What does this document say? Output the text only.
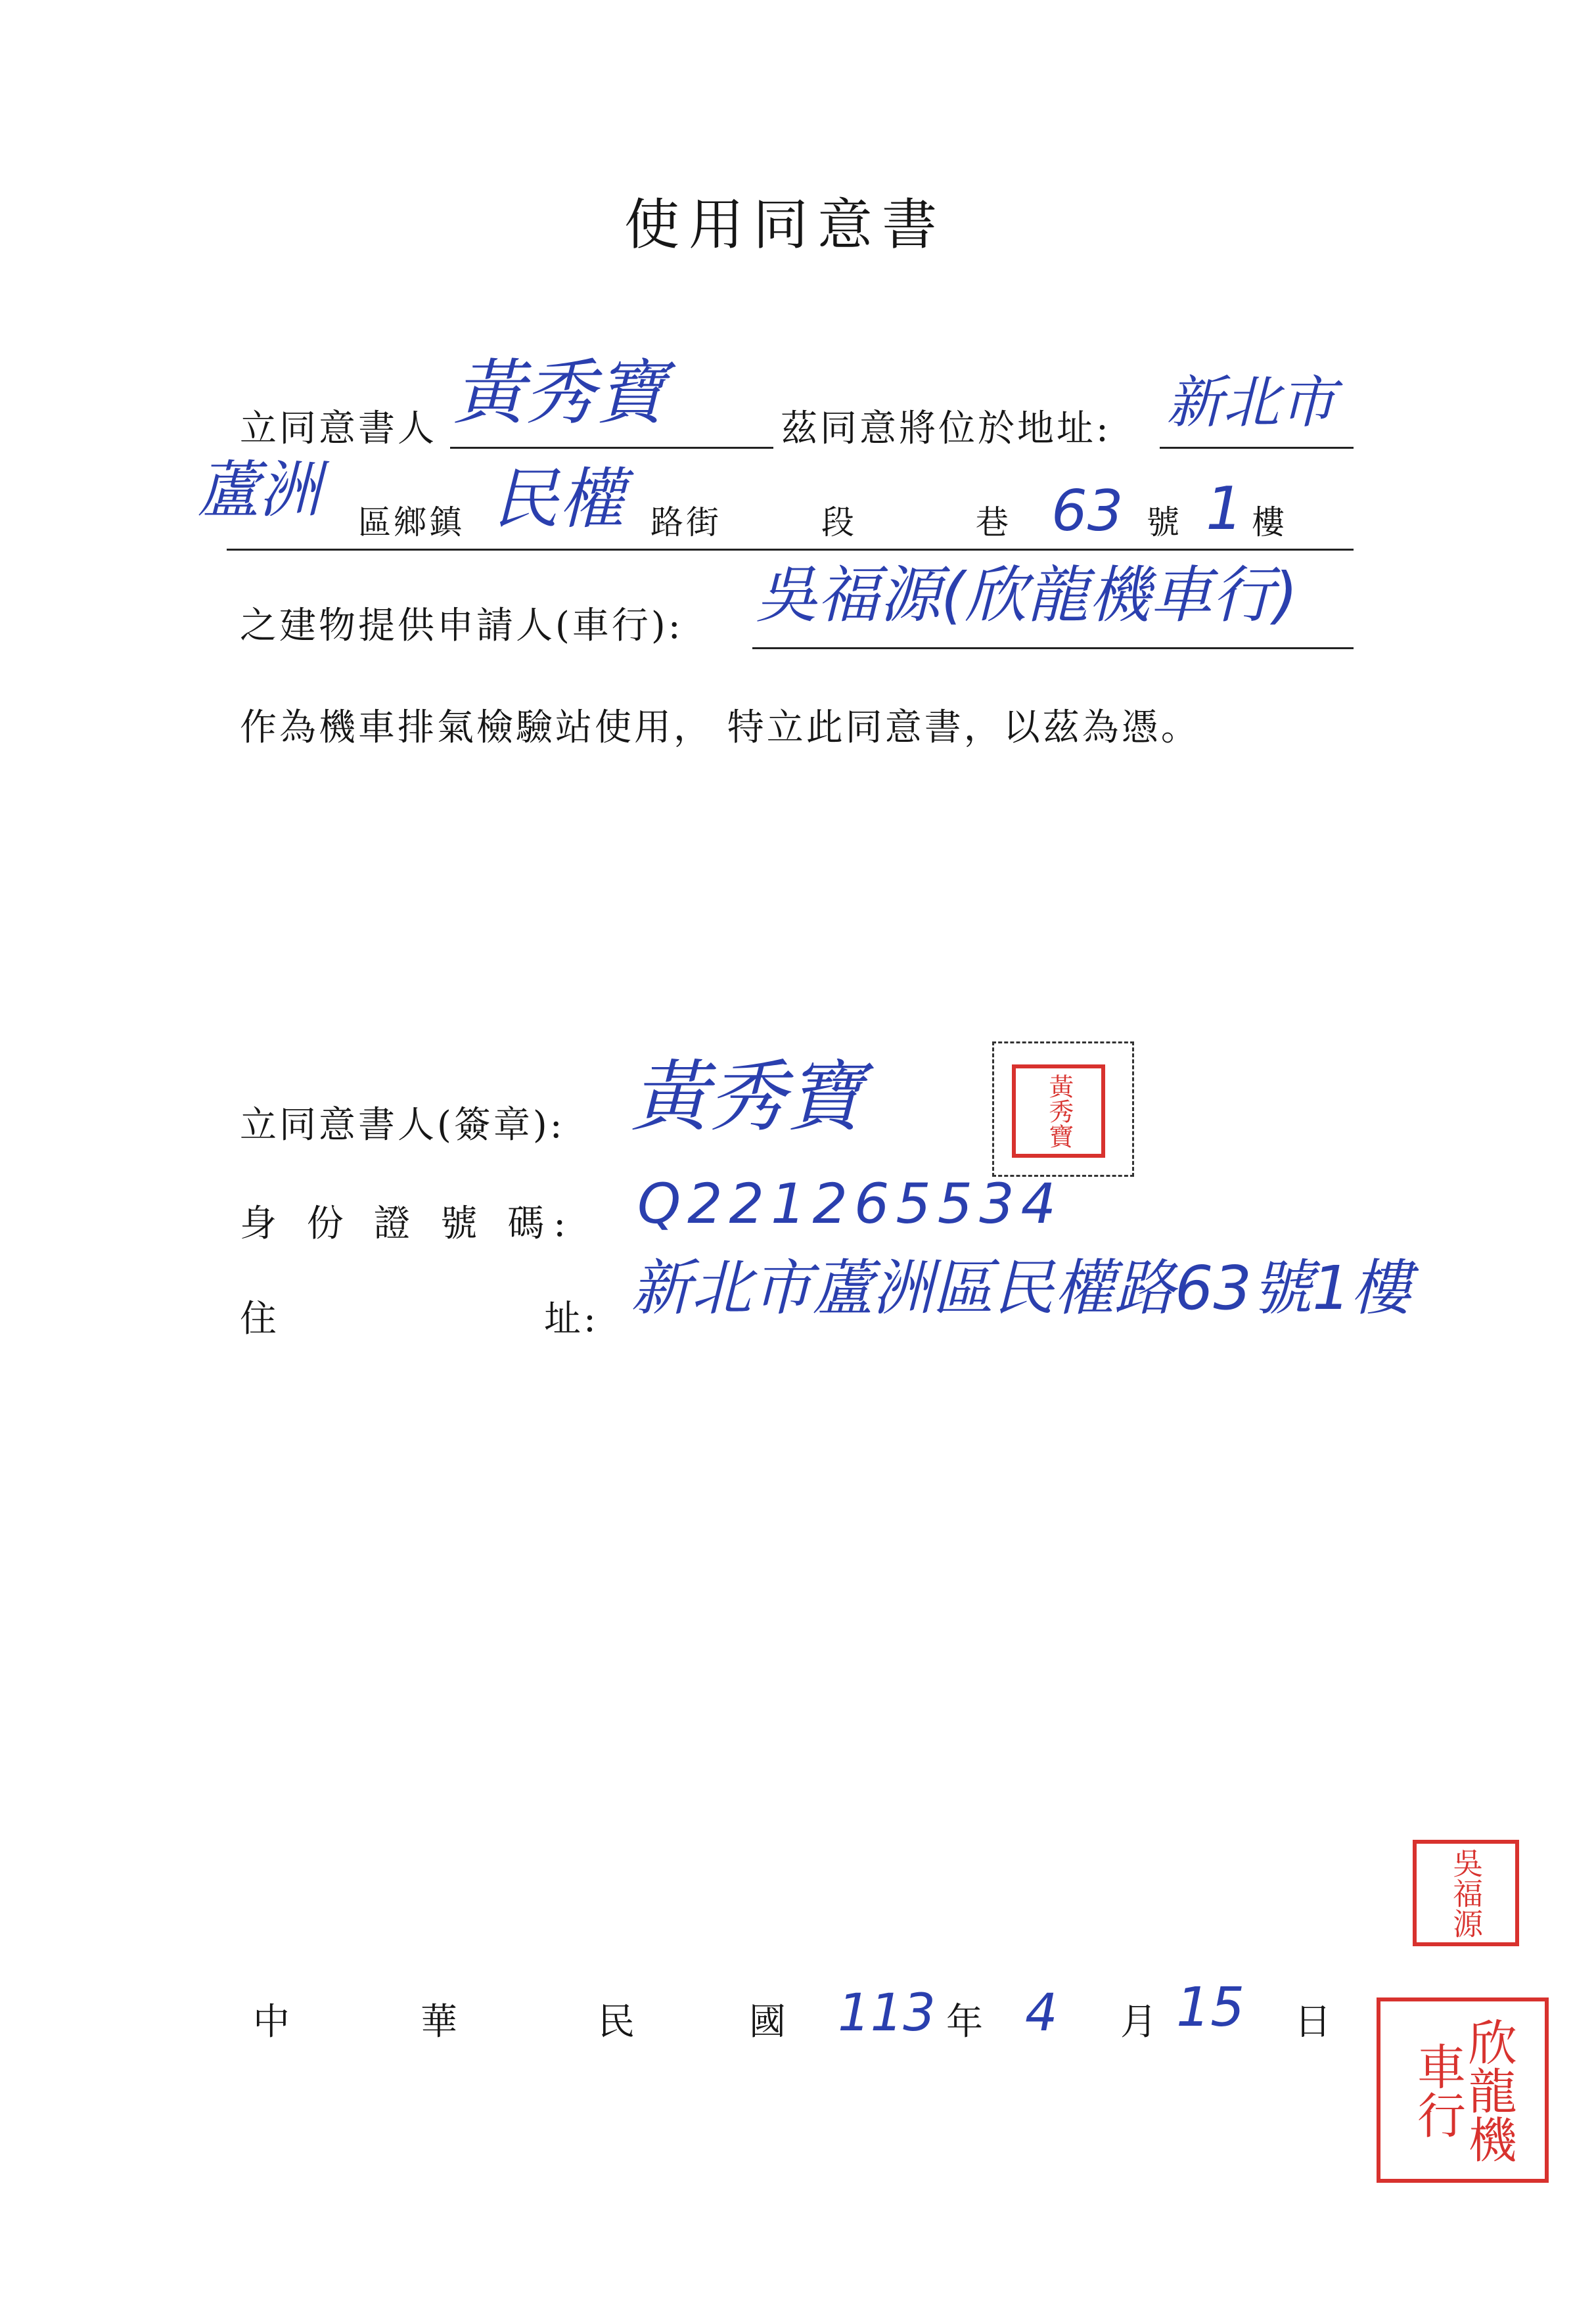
使用同意書
立同意書人 黃秀寶	茲同意將位於地址: 新北市
蘆洲 區鄉鎮 民權 路街	段	巷 63 號 1 樓
之建物提供申請人(車行): 吳福源(欣龍機車行)
作為機車排氣檢驗站使用， 特立此同意書，以茲為憑。
立同意書人(簽章): 黃秀寶	黃秀寶
身 份 證 號 碼: Q221265534
住	址: 新北市蘆洲區民權路63號1樓
吳福源
中	華	民	國 113 年 4 月 15 日	欣龍機車行
